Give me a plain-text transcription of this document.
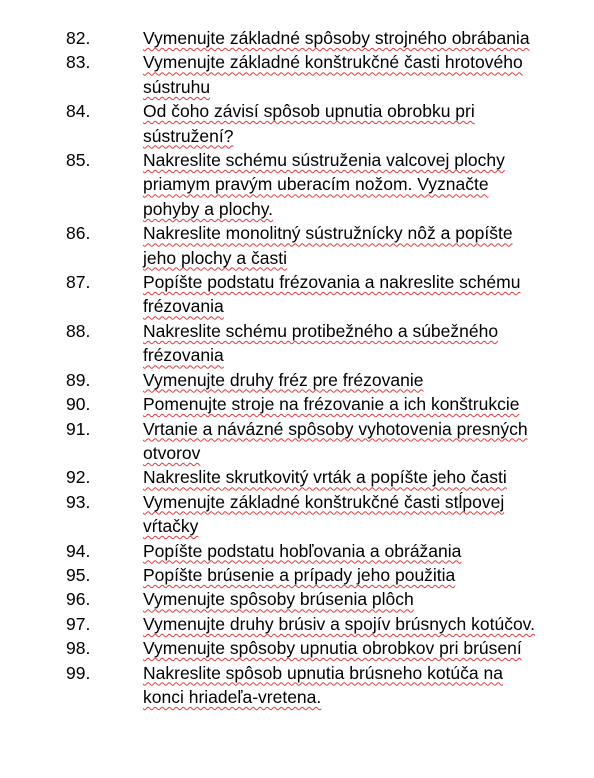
82.	Vymenujte základné spôsoby strojného obrábania
83.	Vymenujte základné konštrukčné časti hrotového sústruhu
84.	Od čoho závisí spôsob upnutia obrobku pri sústružení?
85.	Nakreslite schému sústruženia valcovej plochy priamym pravým uberacím nožom. Vyznačte pohyby a plochy.
86.	Nakreslite monolitný sústružnícky nôž a popíšte jeho plochy a časti
87.	Popíšte podstatu frézovania a nakreslite schému frézovania
88.	Nakreslite schému protibežného a súbežného frézovania
89.	Vymenujte druhy fréz pre frézovanie
90.	Pomenujte stroje na frézovanie a ich konštrukcie
91.	Vrtanie a návázné spôsoby vyhotovenia presných otvorov
92.	Nakreslite skrutkovitý vrták a popíšte jeho časti
93.	Vymenujte základné konštrukčné časti stĺpovej vŕtačky
94.	Popíšte podstatu hobľovania a obrážania
95.	Popíšte brúsenie a prípady jeho použitia
96.	Vymenujte spôsoby brúsenia plôch
97.	Vymenujte druhy brúsiv a spojív brúsnych kotúčov.
98.	Vymenujte spôsoby upnutia obrobkov pri brúsení
99.	Nakreslite spôsob upnutia brúsneho kotúča na konci hriadeľa-vretena.
